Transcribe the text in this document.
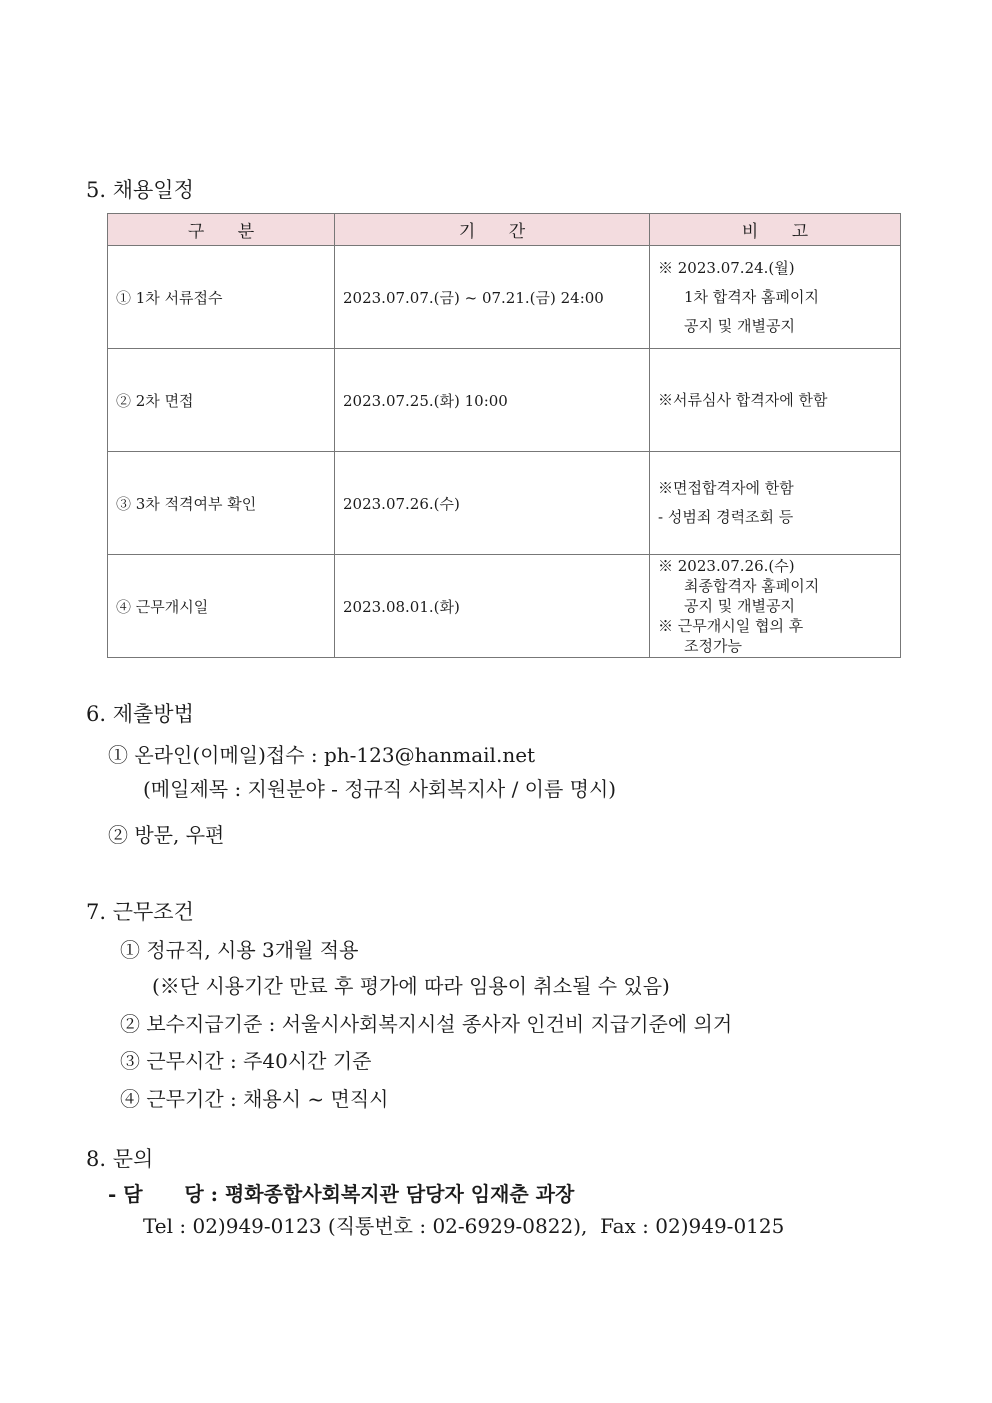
5. 채용일정
구 분	기 간	비 고
① 1차 서류접수	2023.07.07.(금) ~ 07.21.(금) 24:00	※ 2023.07.24.(월)
1차 합격자 홈페이지
공지 및 개별공지

② 2차 면접	2023.07.25.(화) 10:00	※서류심사 합격자에 한함

③ 3차 적격여부 확인	2023.07.26.(수)	※면접합격자에 한함
- 성범죄 경력조회 등

④ 근무개시일	2023.08.01.(화)	※ 2023.07.26.(수)
최종합격자 홈페이지
공지 및 개별공지
※ 근무개시일 협의 후
조정가능
6. 제출방법
① 온라인(이메일)접수 : ph-123@hanmail.net
(메일제목 : 지원분야 - 정규직 사회복지사 / 이름 명시)
② 방문, 우편
7. 근무조건
① 정규직, 시용 3개월 적용
(※단 시용기간 만료 후 평가에 따라 임용이 취소될 수 있음)
② 보수지급기준 : 서울시사회복지시설 종사자 인건비 지급기준에 의거
③ 근무시간 : 주40시간 기준
④ 근무기간 : 채용시 ~ 면직시
8. 문의
- 담      당 : 평화종합사회복지관 담당자 임재춘 과장
Tel : 02)949-0123 (직통번호 : 02-6929-0822),  Fax : 02)949-0125
